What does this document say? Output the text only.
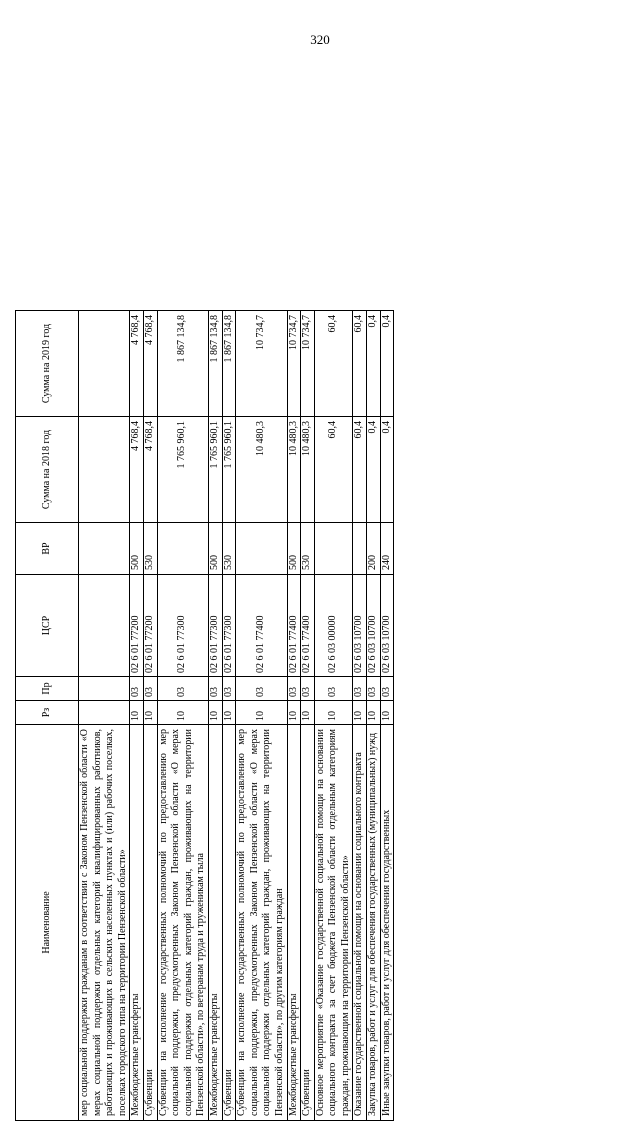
320
Наименование	Рз	Пр	ЦСР	ВР	Сумма на 2018 год	Сумма на 2019 год
мер социальной поддержки гражданам в соответствии с Законом Пензенской области «О мерах социальной поддержки отдельных категорий квалифицированных работников, работающих и проживающих в сельских населенных пунктах и (или) рабочих поселках, поселках городского типа на территории Пензенской области»						
Межбюджетные трансферты	10	03	02 6 01 77200	500	4 768,4	4 768,4
Субвенции	10	03	02 6 01 77200	530	4 768,4	4 768,4
Субвенции на исполнение государственных полномочий по предоставлению мер социальной поддержки, предусмотренных Законом Пензенской области «О мерах социальной поддержки отдельных категорий граждан, проживающих на территории Пензенской области», по ветеранам труда и труженикам тыла	10	03	02 6 01 77300		1 765 960,1	1 867 134,8
Межбюджетные трансферты	10	03	02 6 01 77300	500	1 765 960,1	1 867 134,8
Субвенции	10	03	02 6 01 77300	530	1 765 960,1	1 867 134,8
Субвенции на исполнение государственных полномочий по предоставлению мер социальной поддержки, предусмотренных Законом Пензенской области «О мерах социальной поддержки отдельных категорий граждан, проживающих на территории Пензенской области», по другим категориям граждан	10	03	02 6 01 77400		10 480,3	10 734,7
Межбюджетные трансферты	10	03	02 6 01 77400	500	10 480,3	10 734,7
Субвенции	10	03	02 6 01 77400	530	10 480,3	10 734,7
Основное мероприятие «Оказание государственной социальной помощи на основании социального контракта за счет бюджета Пензенской области отдельным категориям граждан, проживающим на территории Пензенской области»	10	03	02 6 03 00000		60,4	60,4
Оказание государственной социальной помощи на основании социального контракта	10	03	02 6 03 10700		60,4	60,4
Закупка товаров, работ и услуг для обеспечения государственных (муниципальных) нужд	10	03	02 6 03 10700	200	0,4	0,4
Иные закупки товаров, работ и услуг для обеспечения государственных	10	03	02 6 03 10700	240	0,4	0,4
